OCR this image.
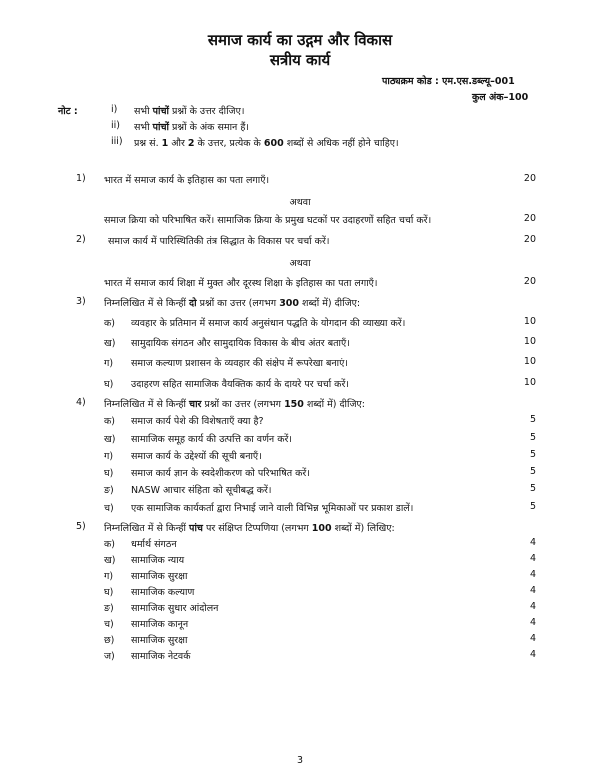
समाज कार्य का उद्गम और विकास
सत्रीय कार्य
पाठ्यक्रम कोड : एम.एस.डब्ल्यू–001
कुल अंक–100
नोट :	i) सभी पांचों प्रश्नों के उत्तर दीजिए।
ii) सभी पांचों प्रश्नों के अंक समान हैं।
iii) प्रश्न सं. 1 और 2 के उत्तर, प्रत्येक के 600 शब्दों से अधिक नहीं होने चाहिए।
1) भारत में समाज कार्य के इतिहास का पता लगाएँ।	20
अथवा
समाज क्रिया को परिभाषित करें। सामाजिक क्रिया के प्रमुख घटकों पर उदाहरणों सहित चर्चा करें।	20
2) समाज कार्य में पारिस्थितिकी तंत्र सिद्धात के विकास पर चर्चा करें।	20
अथवा
भारत में समाज कार्य शिक्षा में मुक्त और दूरस्थ शिक्षा के इतिहास का पता लगाएँ।	20
3) निम्नलिखित में से किन्हीं दो प्रश्नों का उत्तर (लगभग 300 शब्दों में) दीजिए:
क) व्यवहार के प्रतिमान में समाज कार्य अनुसंधान पद्धति के योगदान की व्याख्या करें।	10
ख) सामुदायिक संगठन और सामुदायिक विकास के बीच अंतर बताएँ।	10
ग) समाज कल्याण प्रशासन के व्यवहार की संक्षेप में रूपरेखा बनाएं।	10
घ) उदाहरण सहित सामाजिक वैयक्तिक कार्य के दायरे पर चर्चा करें।	10
4) निम्नलिखित में से किन्हीं चार प्रश्नों का उत्तर (लगभग 150 शब्दों में) दीजिए:
क) समाज कार्य पेशे की विशेषताएँ क्या है?	5
ख) सामाजिक समूह कार्य की उत्पत्ति का वर्णन करें।	5
ग) समाज कार्य के उद्देश्यों की सूची बनाएँ।	5
घ) समाज कार्य ज्ञान के स्वदेशीकरण को परिभाषित करें।	5
ङ) NASW आचार संहिता को सूचीबद्ध करें।	5
च) एक सामाजिक कार्यकर्ता द्वारा निभाई जाने वाली विभिन्न भूमिकाओं पर प्रकाश डालें।	5
5) निम्नलिखित में से किन्हीं पांच पर संक्षिप्त टिप्पणिया (लगभग 100 शब्दों में) लिखिए:
क) धर्मार्थ संगठन	4
ख) सामाजिक न्याय	4
ग) सामाजिक सुरक्षा	4
घ) सामाजिक कल्याण	4
ङ) सामाजिक सुधार आंदोलन	4
च) सामाजिक कानून	4
छ) सामाजिक सुरक्षा	4
ज) सामाजिक नेटवर्क	4
3
